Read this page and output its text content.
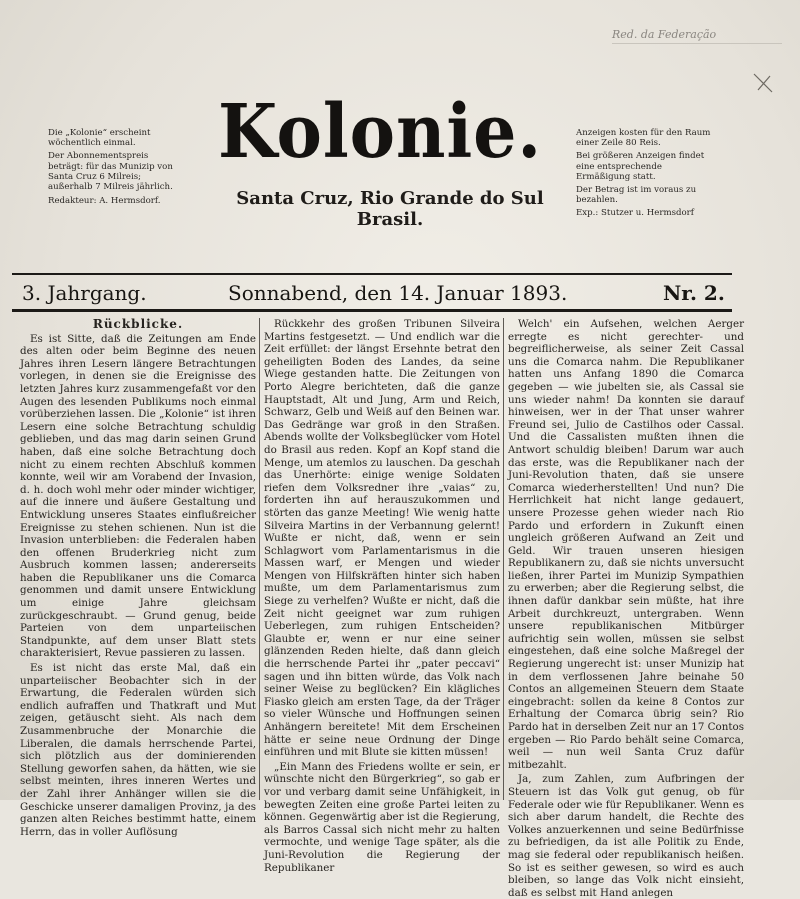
Red. da Federação

Die „Kolonie“ erscheint wöchentlich einmal.

Der Abonnementspreis beträgt: für das Munizip von Santa Cruz 6 Milreis; außerhalb 7 Milreis jährlich.

Redakteur: A. Hermsdorf.

Kolonie.
Santa Cruz, Rio Grande do Sul
Brasil.

Anzeigen kosten für den Raum einer Zeile 80 Reis.

Bei größeren Anzeigen findet eine entsprechende Ermäßigung statt.

Der Betrag ist im voraus zu bezahlen.

Exp.: Stutzer u. Hermsdorf

3. Jahrgang.	Sonnabend, den 14. Januar 1893.	Nr. 2.

Rückblicke.

Es ist Sitte, daß die Zeitungen am Ende des alten oder beim Beginne des neuen Jahres ihren Lesern längere Betrachtungen vorlegen, in denen sie die Ereignisse des letzten Jahres kurz zusammengefaßt vor den Augen des lesenden Publikums noch einmal vorüberziehen lassen. Die „Kolonie“ ist ihren Lesern eine solche Betrachtung schuldig geblieben, und das mag darin seinen Grund haben, daß eine solche Betrachtung doch nicht zu einem rechten Abschluß kommen konnte, weil wir am Vorabend der Invasion, d. h. doch wohl mehr oder minder wichtiger, auf die innere und äußere Gestaltung und Entwicklung unseres Staates einflußreicher Ereignisse zu stehen schienen. Nun ist die Invasion unterblieben: die Federalen haben den offenen Bruderkrieg nicht zum Ausbruch kommen lassen; andererseits haben die Republikaner uns die Comarca genommen und damit unsere Entwicklung um einige Jahre gleichsam zurückgeschraubt. — Grund genug, beide Parteien von dem unparteiischen Standpunkte, auf dem unser Blatt stets charakterisiert, Revue passieren zu lassen.

Es ist nicht das erste Mal, daß ein unparteiischer Beobachter sich in der Erwartung, die Federalen würden sich endlich aufraffen und Thatkraft und Mut zeigen, getäuscht sieht. Als nach dem Zusammenbruche der Monarchie die Liberalen, die damals herrschende Partei, sich plötzlich aus der dominierenden Stellung geworfen sahen, da hätten, wie sie selbst meinten, ihres inneren Wertes und der Zahl ihrer Anhänger willen sie die Geschicke unserer damaligen Provinz, ja des ganzen alten Reiches bestimmt hatte, einem Herrn, das in voller Auflösung

Rückkehr des großen Tribunen Silveira Martins festgesetzt. — Und endlich war die Zeit erfüllet: der längst Ersehnte betrat den geheiligten Boden des Landes, da seine Wiege gestanden hatte. Die Zeitungen von Porto Alegre berichteten, daß die ganze Hauptstadt, Alt und Jung, Arm und Reich, Schwarz, Gelb und Weiß auf den Beinen war. Das Gedränge war groß in den Straßen. Abends wollte der Volksbeglücker vom Hotel do Brasil aus reden. Kopf an Kopf stand die Menge, um atemlos zu lauschen. Da geschah das Unerhörte: einige wenige Soldaten riefen dem Volksredner ihre „vaias“ zu, forderten ihn auf herauszukommen und störten das ganze Meeting! Wie wenig hatte Silveira Martins in der Verbannung gelernt! Wußte er nicht, daß, wenn er sein Schlagwort vom Parlamentarismus in die Massen warf, er Mengen und wieder Mengen von Hilfskräften hinter sich haben mußte, um dem Parlamentarismus zum Siege zu verhelfen? Wußte er nicht, daß die Zeit nicht geeignet war zum ruhigen Ueberlegen, zum ruhigen Entscheiden? Glaubte er, wenn er nur eine seiner glänzenden Reden hielte, daß dann gleich die herrschende Partei ihr „pater peccavi“ sagen und ihn bitten würde, das Volk nach seiner Weise zu beglücken? Ein klägliches Fiasko gleich am ersten Tage, da der Träger so vieler Wünsche und Hoffnungen seinen Anhängern bereitete! Mit dem Erscheinen hätte er seine neue Ordnung der Dinge einführen und mit Blute sie kitten müssen!

„Ein Mann des Friedens wollte er sein, er wünschte nicht den Bürgerkrieg“, so gab er vor und verbarg damit seine Unfähigkeit, in bewegten Zeiten eine große Partei leiten zu können. Gegenwärtig aber ist die Regierung, als Barros Cassal sich nicht mehr zu halten vermochte, und wenige Tage später, als die Juni-Revolution die Regierung der Republikaner

Welch' ein Aufsehen, welchen Aerger erregte es nicht gerechter- und begreiflicherweise, als seiner Zeit Cassal uns die Comarca nahm. Die Republikaner hatten uns Anfang 1890 die Comarca gegeben — wie jubelten sie, als Cassal sie uns wieder nahm! Da konnten sie darauf hinweisen, wer in der That unser wahrer Freund sei, Julio de Castilhos oder Cassal. Und die Cassalisten mußten ihnen die Antwort schuldig bleiben! Darum war auch das erste, was die Republikaner nach der Juni-Revolution thaten, daß sie unsere Comarca wiederherstellten! Und nun? Die Herrlichkeit hat nicht lange gedauert, unsere Prozesse gehen wieder nach Rio Pardo und erfordern in Zukunft einen ungleich größeren Aufwand an Zeit und Geld. Wir trauen unseren hiesigen Republikanern zu, daß sie nichts unversucht ließen, ihrer Partei im Munizip Sympathien zu erwerben; aber die Regierung selbst, die ihnen dafür dankbar sein müßte, hat ihre Arbeit durchkreuzt, untergraben. Wenn unsere republikanischen Mitbürger aufrichtig sein wollen, müssen sie selbst eingestehen, daß eine solche Maßregel der Regierung ungerecht ist: unser Munizip hat in dem verflossenen Jahre beinahe 50 Contos an allgemeinen Steuern dem Staate eingebracht: sollen da keine 8 Contos zur Erhaltung der Comarca übrig sein? Rio Pardo hat in derselben Zeit nur an 17 Contos ergeben — Rio Pardo behält seine Comarca, weil — nun weil Santa Cruz dafür mitbezahlt.

Ja, zum Zahlen, zum Aufbringen der Steuern ist das Volk gut genug, ob für Federale oder wie für Republikaner. Wenn es sich aber darum handelt, die Rechte des Volkes anzuerkennen und seine Bedürfnisse zu befriedigen, da ist alle Politik zu Ende, mag sie federal oder republikanisch heißen. So ist es seither gewesen, so wird es auch bleiben, so lange das Volk nicht einsieht, daß es selbst mit Hand anlegen
